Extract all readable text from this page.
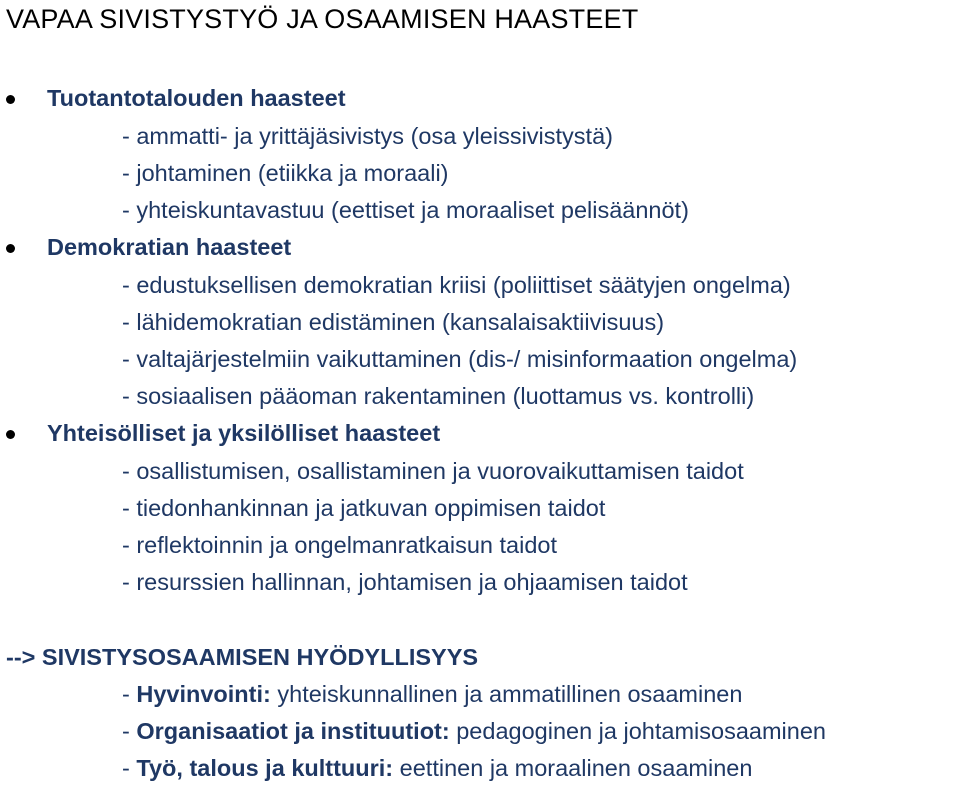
VAPAA SIVISTYSTYÖ JA OSAAMISEN HAASTEET
Tuotantotalouden haasteet
- ammatti- ja yrittäjäsivistys (osa yleissivistystä)
- johtaminen (etiikka ja moraali)
- yhteiskuntavastuu (eettiset ja moraaliset pelisäännöt)
Demokratian haasteet
- edustuksellisen demokratian kriisi (poliittiset säätyjen ongelma)
- lähidemokratian edistäminen (kansalaisaktiivisuus)
- valtajärjestelmiin vaikuttaminen (dis-/ misinformaation ongelma)
- sosiaalisen pääoman rakentaminen (luottamus vs. kontrolli)
Yhteisölliset ja yksilölliset haasteet
- osallistumisen, osallistaminen ja vuorovaikuttamisen taidot
- tiedonhankinnan ja jatkuvan oppimisen taidot
- reflektoinnin ja ongelmanratkaisun taidot
- resurssien hallinnan, johtamisen ja ohjaamisen taidot
--> SIVISTYSOSAAMISEN HYÖDYLLISYYS
- Hyvinvointi: yhteiskunnallinen ja ammatillinen osaaminen
- Organisaatiot ja instituutiot: pedagoginen ja johtamisosaaminen
- Työ, talous ja kulttuuri: eettinen ja moraalinen osaaminen
